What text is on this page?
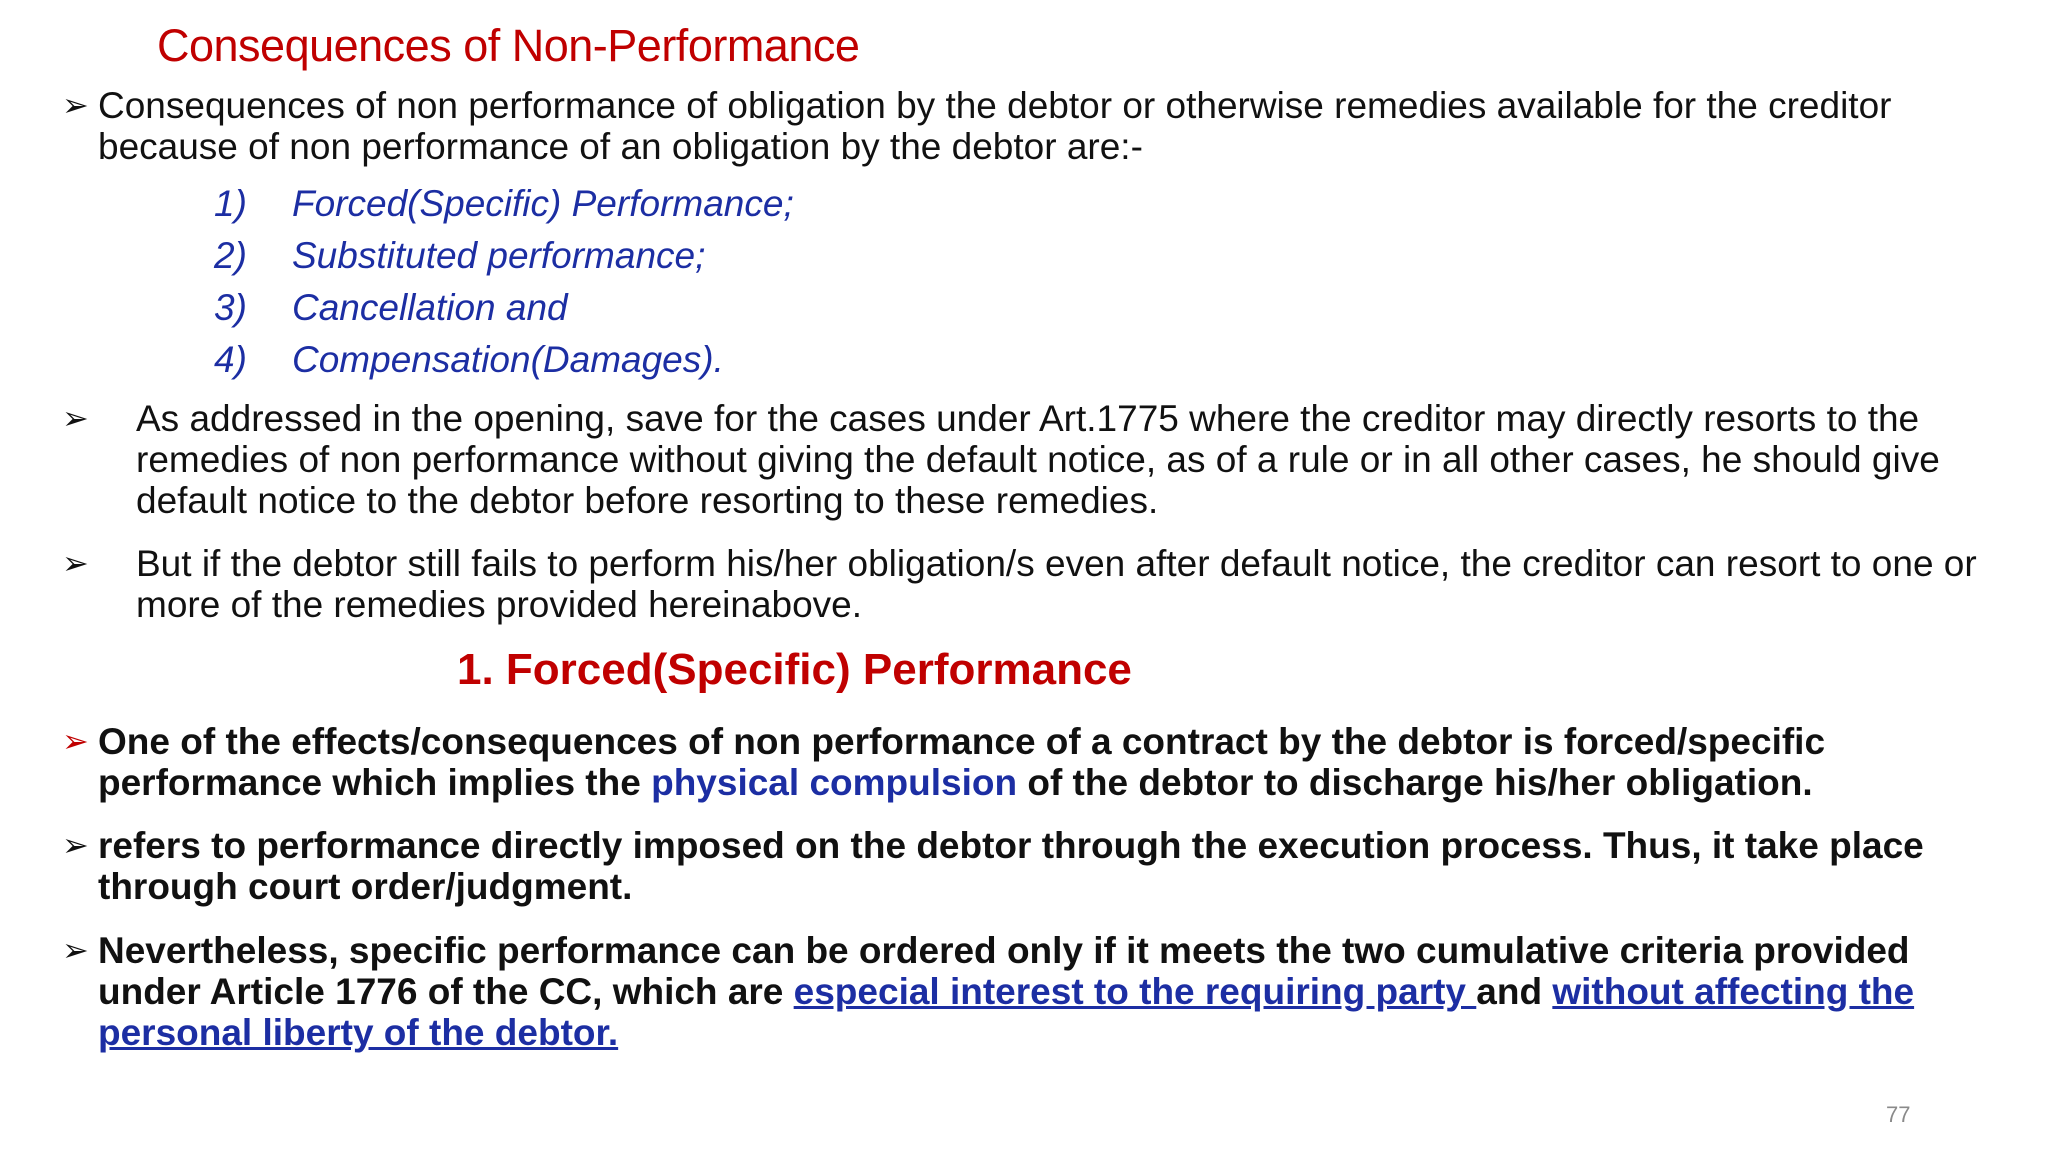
Consequences of Non-Performance
➢ Consequences of non performance of obligation by the debtor or otherwise remedies available for the creditor because of non performance of an obligation by the debtor are:-
1) Forced(Specific) Performance;
2) Substituted performance;
3) Cancellation and
4) Compensation(Damages).
➢ As addressed in the opening, save for the cases under Art.1775 where the creditor may directly resorts to the remedies of non performance without giving the default notice, as of a rule or in all other cases, he should give default notice to the debtor before resorting to these remedies.
➢ But if the debtor still fails to perform his/her obligation/s even after default notice, the creditor can resort to one or more of the remedies provided hereinabove.
1. Forced(Specific) Performance
➢ One of the effects/consequences of non performance of a contract by the debtor is forced/specific performance which implies the physical compulsion of the debtor to discharge his/her obligation.
➢ refers to performance directly imposed on the debtor through the execution process. Thus, it take place through court order/judgment.
➢ Nevertheless, specific performance can be ordered only if it meets the two cumulative criteria provided under Article 1776 of the CC, which are especial interest to the requiring party and without affecting the personal liberty of the debtor.
77
